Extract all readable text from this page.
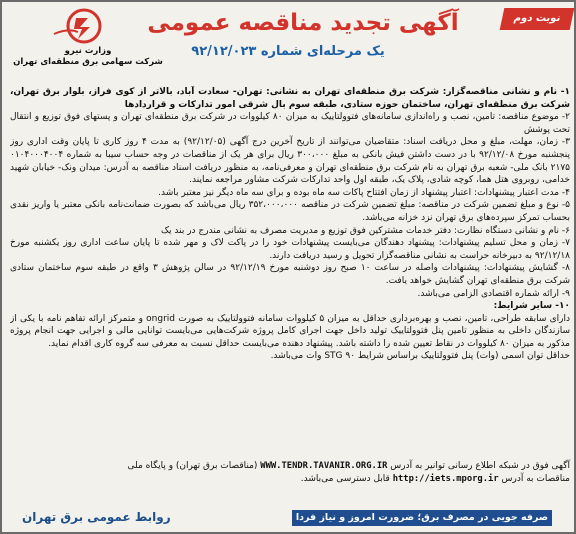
نوبت دوم
آگهی تجدید مناقصه عمومی
یک مرحله‌ای شماره ۹۲/۱۲/۰۲۳
وزارت نیرو
شرکت سهامی برق منطقه‌ای تهران

۱- نام و نشانی مناقصه‌گزار: شرکت برق منطقه‌ای تهران به نشانی: تهران- سعادت آباد، بالاتر از کوی فراز، بلوار برق تهران، شرکت برق منطقه‌ای تهران، ساختمان حوزه ستادی، طبقه سوم بال شرقی امور تدارکات و قراردادها

۲- موضوع مناقصه: تامین، نصب و راه‌اندازی سامانه‌های فتوولتاییک به میزان ۸۰ کیلووات در شرکت برق منطقه‌ای تهران و پستهای فوق توزیع و انتقال تحت پوشش

۳- زمان، مهلت، مبلغ و محل دریافت اسناد: متقاضیان می‌توانند از تاریخ آخرین درج آگهی (۹۲/۱۲/۰۵) به مدت ۴ روز کاری تا پایان وقت اداری روز پنجشنبه مورخ ۹۲/۱۲/۰۸ با در دست داشتن فیش بانکی به مبلغ ۳۰۰،۰۰۰ ریال برای هر یک از مناقصات در وجه حساب سیبا به شماره ۰۱۰۴۰۰۰۴۰۰۴ ۲۱۷۵ بانک ملی- شعبه برق تهران به نام شرکت برق منطقه‌ای تهران و معرفی‌نامه، به منظور دریافت اسناد مناقصه به آدرس: میدان ونک- خیابان شهید خدامی، روبروی هتل هما، کوچه شادی، پلاک یک، طبقه اول واحد تدارکات شرکت مشاور مراجعه نمایند.

۴- مدت اعتبار پیشنهادات: اعتبار پیشنهاد از زمان افتتاح پاکات سه ماه بوده و برای سه ماه دیگر نیز معتبر باشد.

۵- نوع و مبلغ تضمین شرکت در مناقصه: مبلغ تضمین شرکت در مناقصه ۳۵۲،۰۰۰،۰۰۰ ریال می‌باشد که بصورت ضمانت‌نامه بانکی معتبر یا واریز نقدی بحساب تمرکز سپرده‌های برق تهران نزد خزانه می‌باشد.

۶- نام و نشانی دستگاه نظارت: دفتر خدمات مشترکین فوق توزیع و مدیریت مصرف به نشانی مندرج در بند یک

۷- زمان و محل تسلیم پیشنهادات: پیشنهاد دهندگان می‌بایست پیشنهادات خود را در پاکت لاک و مهر شده تا پایان ساعت اداری روز یکشنبه مورخ ۹۲/۱۲/۱۸ به دبیرخانه حراست به نشانی مناقصه‌گزار تحویل و رسید دریافت دارند.

۸- گشایش پیشنهادات: پیشنهادات واصله در ساعت ۱۰ صبح روز دوشنبه مورخ ۹۲/۱۲/۱۹ در سالن پژوهش ۳ واقع در طبقه سوم ساختمان ستادی شرکت برق منطقه‌ای تهران گشایش خواهد یافت.

۹- ارائه شماره اقتصادی الزامی می‌باشد.

۱۰- سایر شرایط:

دارای سابقه طراحی، تامین، نصب و بهره‌برداری حداقل به میزان ۵ کیلووات سامانه فتوولتاییک به صورت ongrid و متمرکز ارائه تفاهم نامه با یکی از سازندگان داخلی به منظور تامین پنل فتوولتاییک تولید داخل جهت اجرای کامل پروژه شرکت‌هایی می‌بایست توانایی مالی و اجرایی جهت انجام پروژه مذکور به میزان ۸۰ کیلووات در نقاط تعیین شده را داشته باشد. پیشنهاد دهنده می‌بایست حداقل نسبت به معرفی سه گروه کاری اقدام نماید.

حداقل توان اسمی (وات) پنل فتوولتاییک براساس شرایط STG ۹۰ وات می‌باشد.

آگهی فوق در شبکه اطلاع رسانی توانیر به آدرس WWW.TENDR.TAVANIR.ORG.IR (مناقصات برق تهران) و پایگاه ملی
مناقصات به آدرس http://iets.mporg.ir قابل دسترسی می‌باشد.
روابط عمومی برق تهران	صرفه جویی در مصرف برق؛ ضرورت امروز و نیاز فردا
